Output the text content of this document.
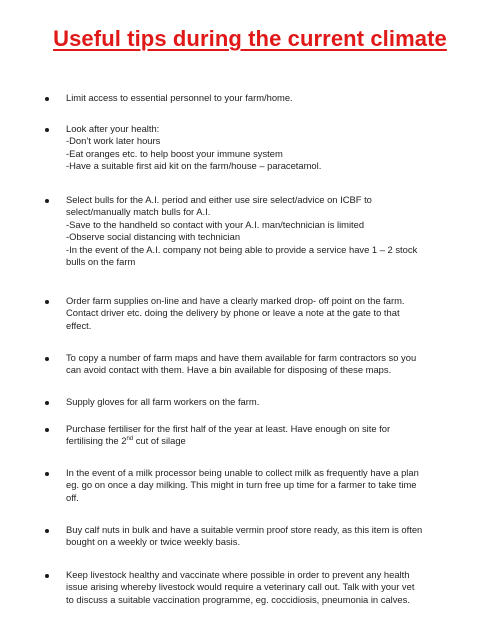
Useful tips during the current climate
Limit access to essential personnel to your farm/home.
Look after your health:
-Don’t work later hours
-Eat oranges etc. to help boost your immune system
-Have a suitable first aid kit on the farm/house – paracetamol.
Select bulls for the A.I. period and either use sire select/advice on ICBF to
select/manually match bulls for A.I.
-Save to the handheld so contact with your A.I. man/technician is limited
-Observe social distancing with technician
-In the event of the A.I. company not being able to provide a service have 1 – 2 stock
bulls on the farm
Order farm supplies on-line and have a clearly marked drop- off point on the farm.
Contact driver etc. doing the delivery by phone or leave a note at the gate to that
effect.
To copy a number of farm maps and have them available for farm contractors so you
can avoid contact with them. Have a bin available for disposing of these maps.
Supply gloves for all farm workers on the farm.
Purchase fertiliser for the first half of the year at least. Have enough on site for
fertilising the 2nd cut of silage
In the event of a milk processor being unable to collect milk as frequently have a plan
eg. go on once a day milking. This might in turn free up time for a farmer to take time
off.
Buy calf nuts in bulk and have a suitable vermin proof store ready, as this item is often
bought on a weekly or twice weekly basis.
Keep livestock healthy and vaccinate where possible in order to prevent any health
issue arising whereby livestock would require a veterinary call out. Talk with your vet
to discuss a suitable vaccination programme, eg. coccidiosis, pneumonia in calves.
